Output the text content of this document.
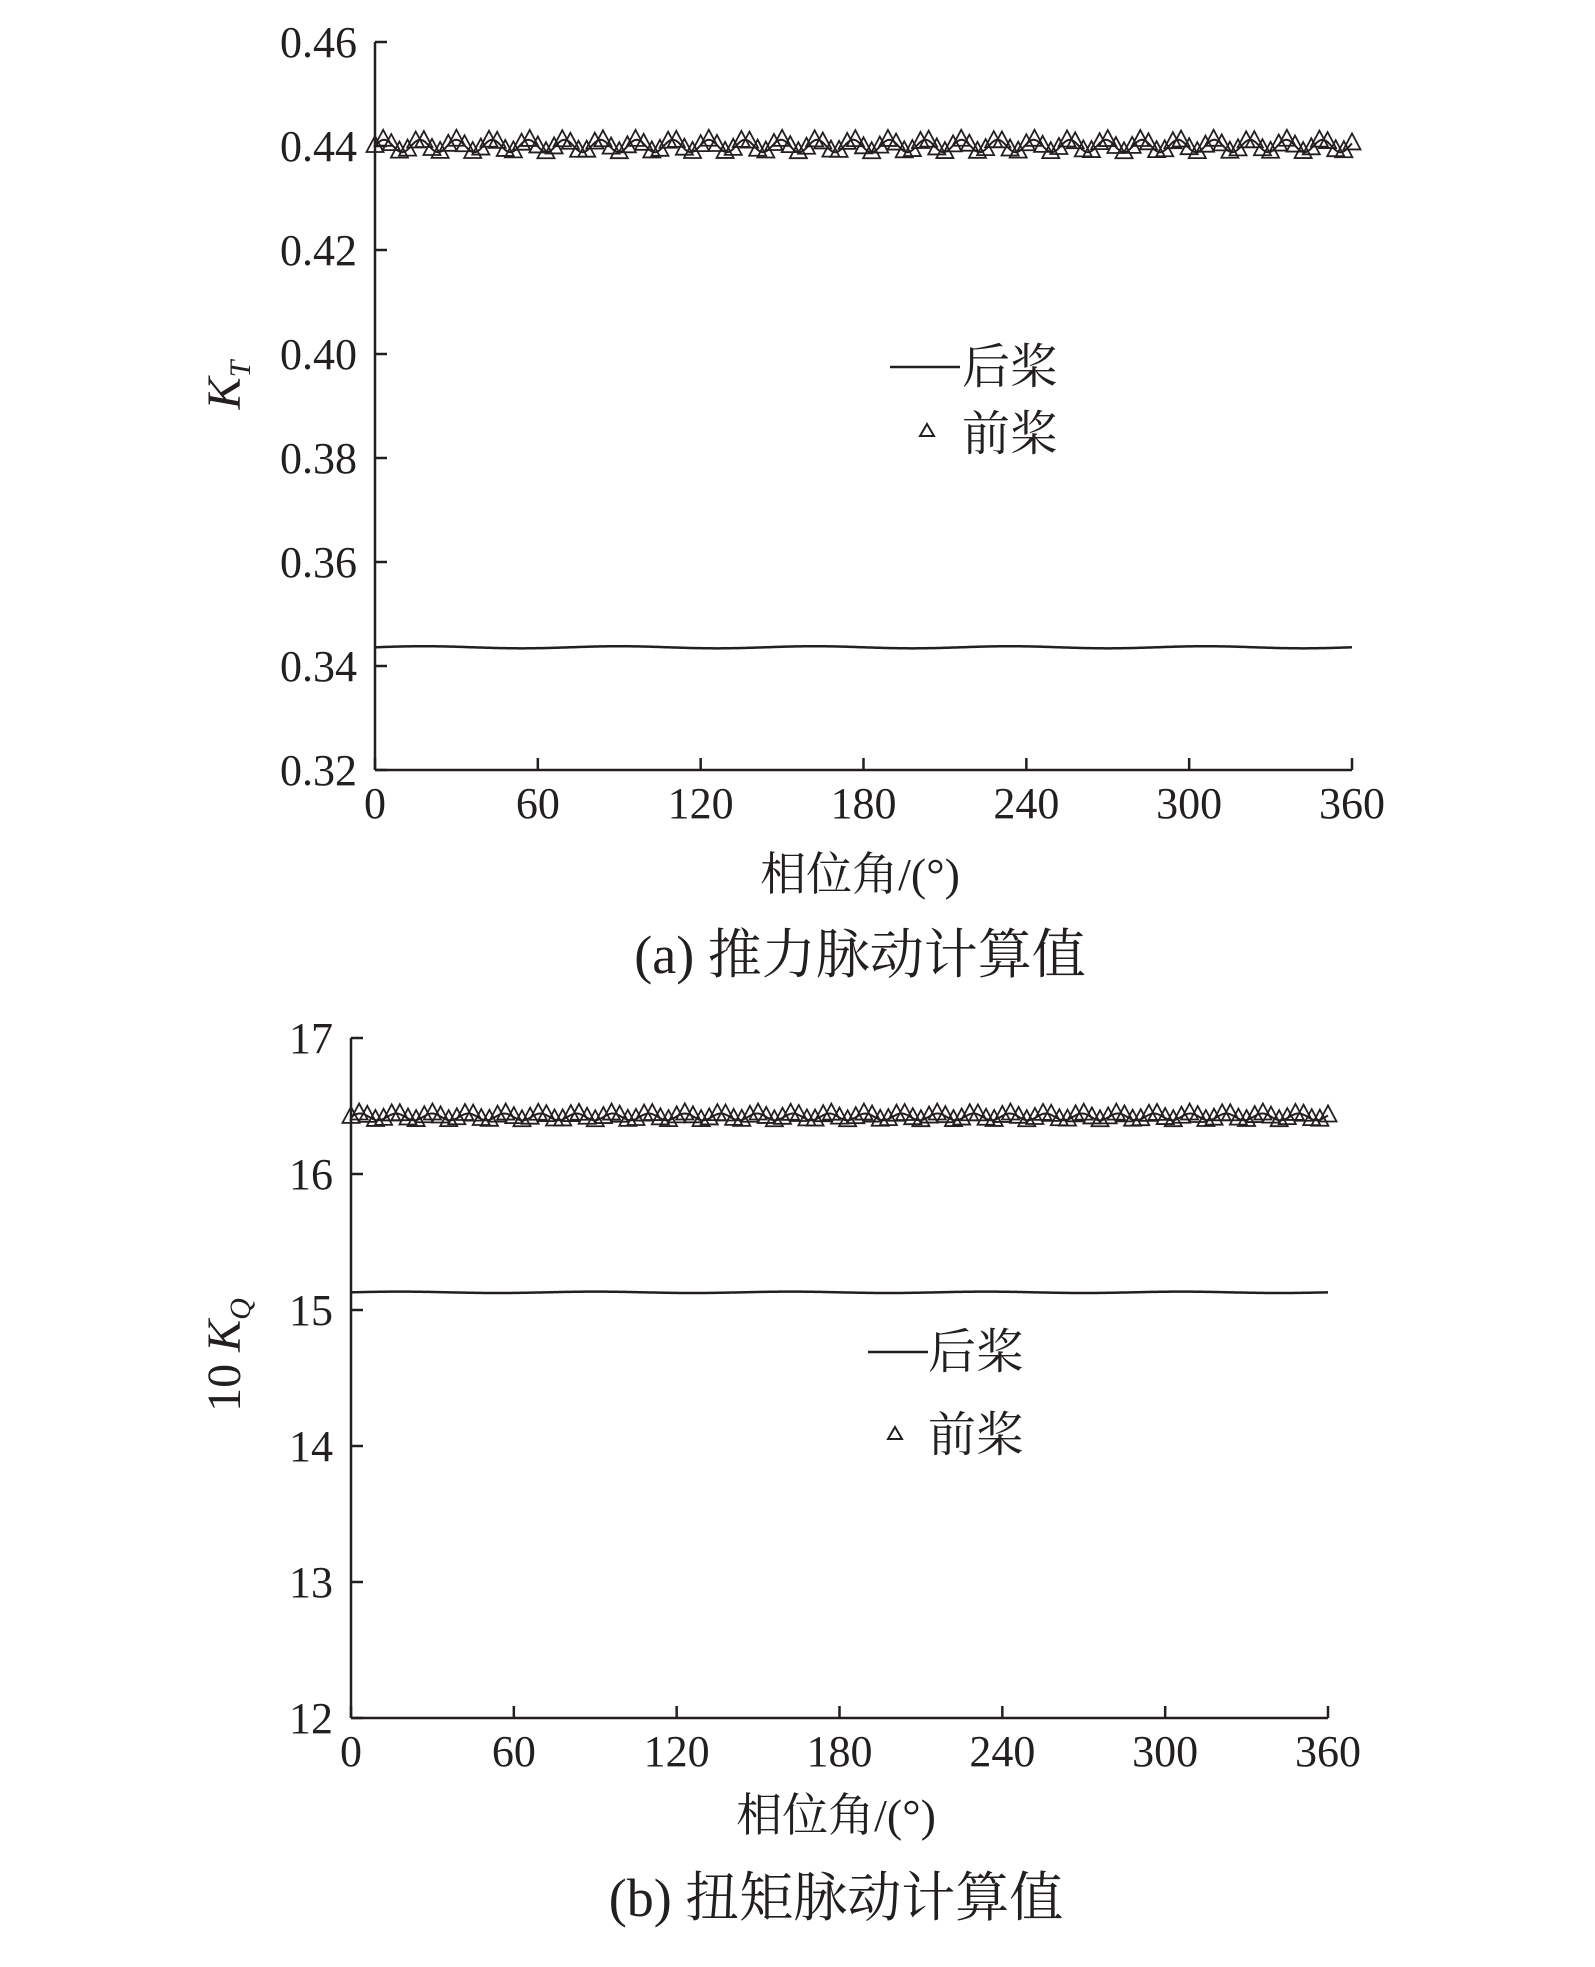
0.32
0.34
0.36
0.38
0.40
0.42
0.44
0.46
0	60 120 180 240 300 360
相位角/(°)
$K_T$
(a) 推力脉动计算值
后桨
前桨
12
13
14
15
16
17
0	60 120 180 240 300 360
相位角/(°)
10 $K_Q$
(b) 扭矩脉动计算值
后桨
前桨
